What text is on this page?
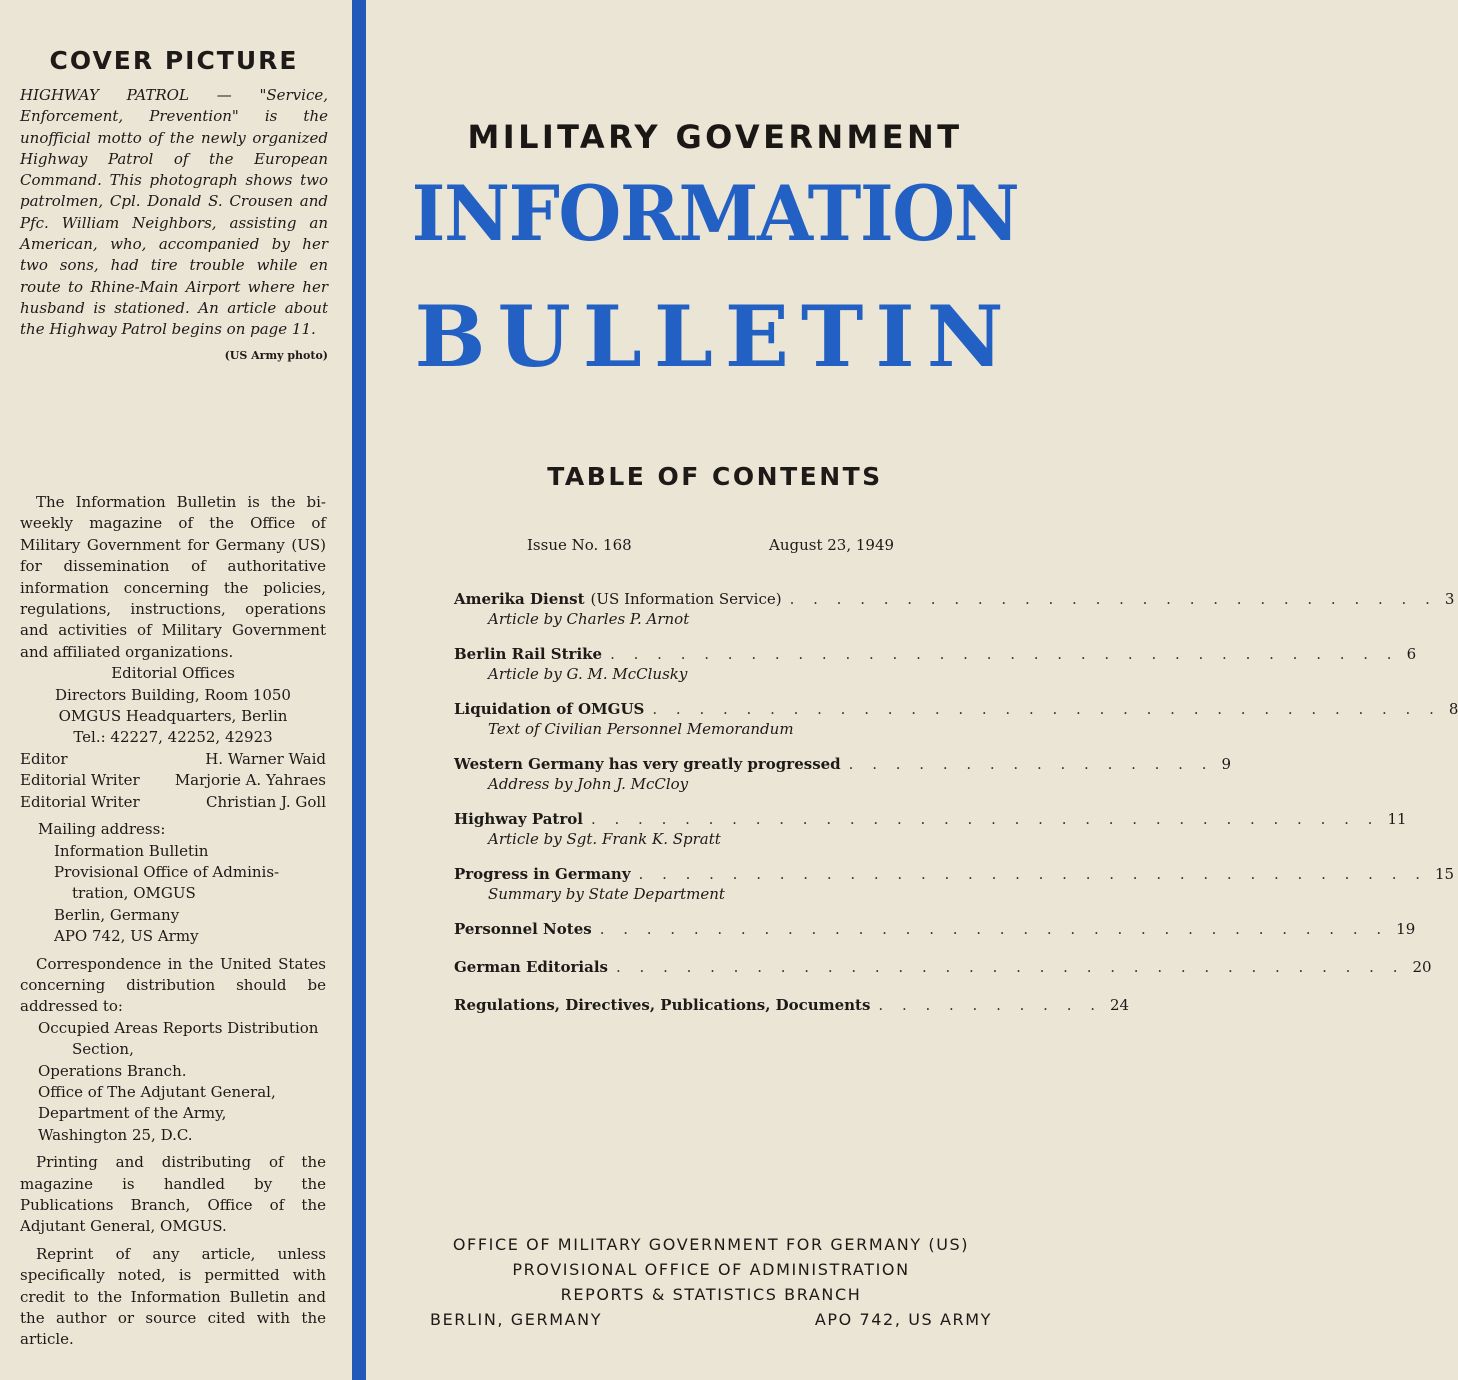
COVER PICTURE
HIGHWAY PATROL — "Service, Enforcement, Prevention" is the unofficial motto of the newly organized Highway Patrol of the European Command. This photograph shows two patrolmen, Cpl. Donald S. Crousen and Pfc. William Neighbors, assisting an American, who, accompanied by her two sons, had tire trouble while en route to Rhine-Main Airport where her husband is stationed. An article about the Highway Patrol begins on page 11.
(US Army photo)

The Information Bulletin is the bi-weekly magazine of the Office of Military Government for Germany (US) for dissemination of authoritative information concerning the policies, regulations, instructions, operations and activities of Military Government and affiliated organizations.

Editorial Offices
Directors Building, Room 1050
OMGUS Headquarters, Berlin
Tel.: 42227, 42252, 42923
Editor	H. Warner Waid
Editorial Writer Marjorie A. Yahraes
Editorial Writer	Christian J. Goll
Mailing address:
Information Bulletin
Provisional Office of Adminis-
tration, OMGUS
Berlin, Germany
APO 742, US Army

Correspondence in the United States concerning distribution should be addressed to:

Occupied Areas Reports Distribution
Section,
Operations Branch.
Office of The Adjutant General,
Department of the Army,
Washington 25, D.C.

Printing and distributing of the magazine is handled by the Publications Branch, Office of the Adjutant General, OMGUS.

Reprint of any article, unless specifically noted, is permitted with credit to the Information Bulletin and the author or source cited with the article.

MILITARY GOVERNMENT
INFORMATION
BULLETIN
TABLE OF CONTENTS
Issue No. 168	August 23, 1949
Amerika Dienst (US Information Service) . . . . . . . . . . . . . . . . . . . . . . . . . . . . 3
Article by Charles P. Arnot
Berlin Rail Strike . . . . . . . . . . . . . . . . . . . . . . . . . . . . . . . . . . 6
Article by G. M. McClusky
Liquidation of OMGUS . . . . . . . . . . . . . . . . . . . . . . . . . . . . . . . . . . 8
Text of Civilian Personnel Memorandum
Western Germany has very greatly progressed . . . . . . . . . . . . . . . . 9
Address by John J. McCloy
Highway Patrol . . . . . . . . . . . . . . . . . . . . . . . . . . . . . . . . . . 11
Article by Sgt. Frank K. Spratt
Progress in Germany . . . . . . . . . . . . . . . . . . . . . . . . . . . . . . . . . . 15
Summary by State Department
Personnel Notes . . . . . . . . . . . . . . . . . . . . . . . . . . . . . . . . . . 19
German Editorials . . . . . . . . . . . . . . . . . . . . . . . . . . . . . . . . . . 20
Regulations, Directives, Publications, Documents . . . . . . . . . . 24
OFFICE OF MILITARY GOVERNMENT FOR GERMANY (US)
PROVISIONAL OFFICE OF ADMINISTRATION
REPORTS & STATISTICS BRANCH
BERLIN, GERMANY	APO 742, US ARMY
